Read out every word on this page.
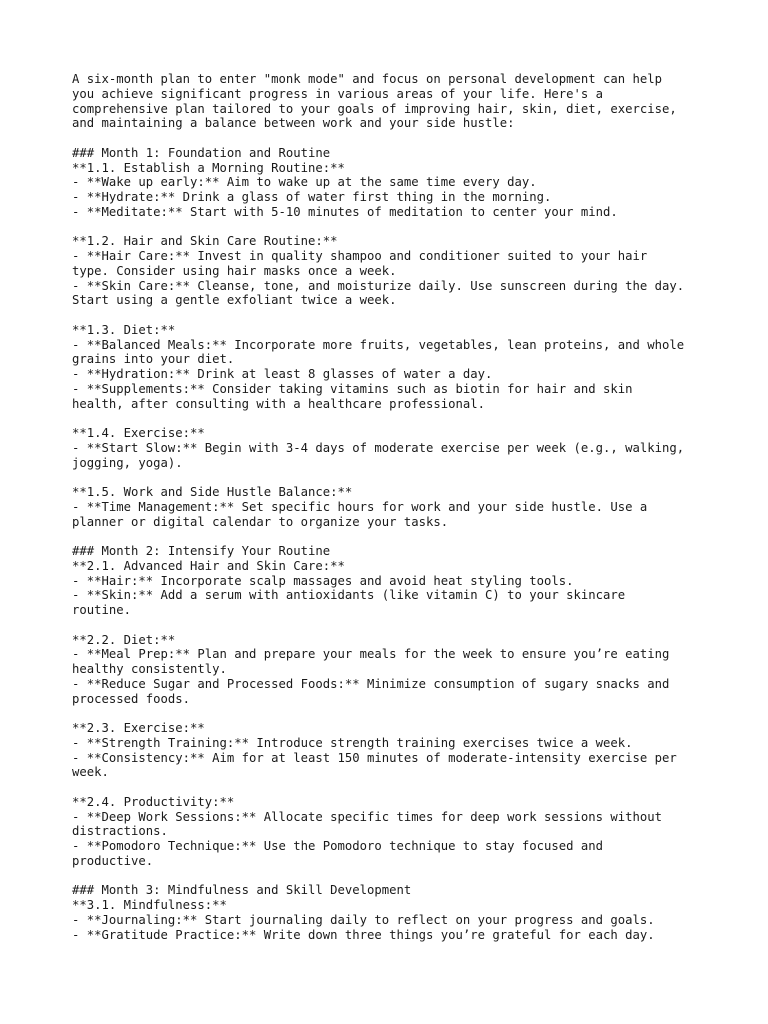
A six-month plan to enter "monk mode" and focus on personal development can help
you achieve significant progress in various areas of your life. Here's a
comprehensive plan tailored to your goals of improving hair, skin, diet, exercise,
and maintaining a balance between work and your side hustle:
### Month 1: Foundation and Routine
**1.1. Establish a Morning Routine:**
- **Wake up early:** Aim to wake up at the same time every day.
- **Hydrate:** Drink a glass of water first thing in the morning.
- **Meditate:** Start with 5-10 minutes of meditation to center your mind.
**1.2. Hair and Skin Care Routine:**
- **Hair Care:** Invest in quality shampoo and conditioner suited to your hair
type. Consider using hair masks once a week.
- **Skin Care:** Cleanse, tone, and moisturize daily. Use sunscreen during the day.
Start using a gentle exfoliant twice a week.
**1.3. Diet:**
- **Balanced Meals:** Incorporate more fruits, vegetables, lean proteins, and whole
grains into your diet.
- **Hydration:** Drink at least 8 glasses of water a day.
- **Supplements:** Consider taking vitamins such as biotin for hair and skin
health, after consulting with a healthcare professional.
**1.4. Exercise:**
- **Start Slow:** Begin with 3-4 days of moderate exercise per week (e.g., walking,
jogging, yoga).
**1.5. Work and Side Hustle Balance:**
- **Time Management:** Set specific hours for work and your side hustle. Use a
planner or digital calendar to organize your tasks.
### Month 2: Intensify Your Routine
**2.1. Advanced Hair and Skin Care:**
- **Hair:** Incorporate scalp massages and avoid heat styling tools.
- **Skin:** Add a serum with antioxidants (like vitamin C) to your skincare
routine.
**2.2. Diet:**
- **Meal Prep:** Plan and prepare your meals for the week to ensure you’re eating
healthy consistently.
- **Reduce Sugar and Processed Foods:** Minimize consumption of sugary snacks and
processed foods.
**2.3. Exercise:**
- **Strength Training:** Introduce strength training exercises twice a week.
- **Consistency:** Aim for at least 150 minutes of moderate-intensity exercise per
week.
**2.4. Productivity:**
- **Deep Work Sessions:** Allocate specific times for deep work sessions without
distractions.
- **Pomodoro Technique:** Use the Pomodoro technique to stay focused and
productive.
### Month 3: Mindfulness and Skill Development
**3.1. Mindfulness:**
- **Journaling:** Start journaling daily to reflect on your progress and goals.
- **Gratitude Practice:** Write down three things you’re grateful for each day.
